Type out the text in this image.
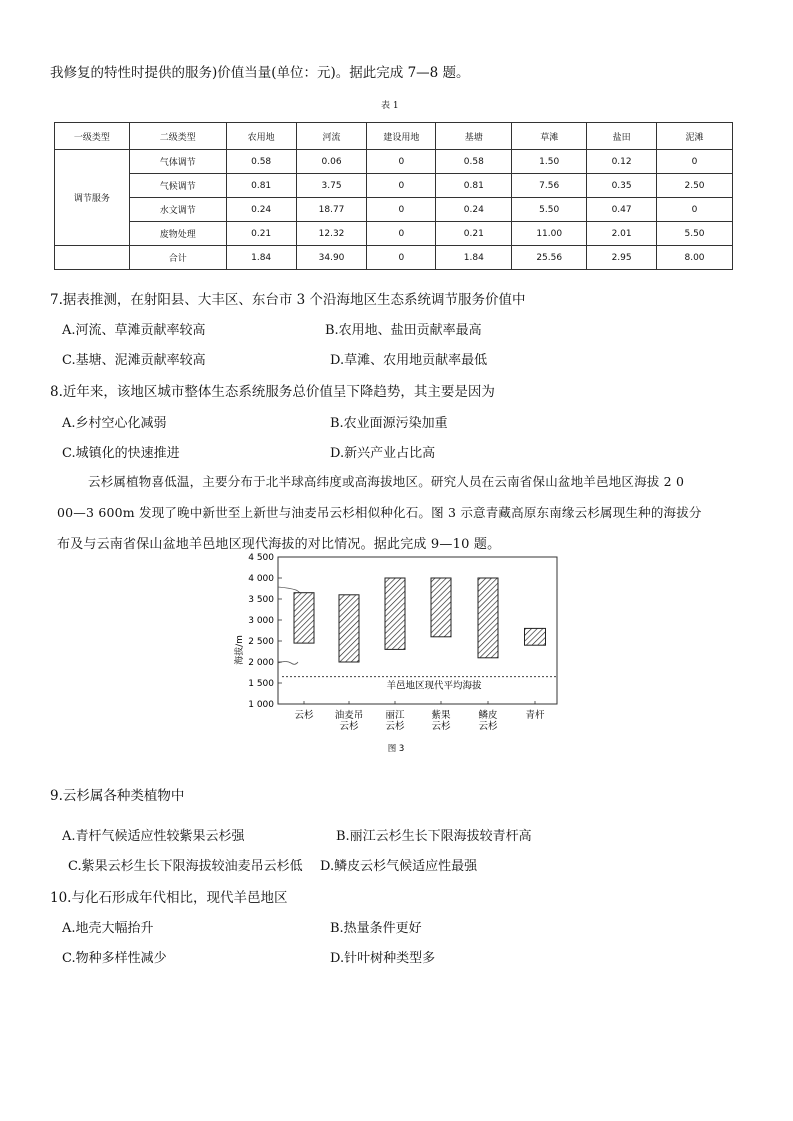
我修复的特性时提供的服务)价值当量(单位：元)。据此完成 7—8 题。
表 1
一级类型	二级类型	农用地	河流	建设用地	基塘	草滩	盐田	泥滩
调节服务	气体调节	0.58	0.06	0	0.58	1.50	0.12	0
	气候调节	0.81	3.75	0	0.81	7.56	0.35	2.50
	水文调节	0.24	18.77	0	0.24	5.50	0.47	0
	废物处理	0.21	12.32	0	0.21	11.00	2.01	5.50
	合计	1.84	34.90	0	1.84	25.56	2.95	8.00
7.据表推测，在射阳县、大丰区、东台市 3 个沿海地区生态系统调节服务价值中
A.河流、草滩贡献率较高	B.农用地、盐田贡献率最高
C.基塘、泥滩贡献率较高	D.草滩、农用地贡献率最低
8.近年来，该地区城市整体生态系统服务总价值呈下降趋势，其主要是因为
A.乡村空心化减弱	B.农业面源污染加重
C.城镇化的快速推进	D.新兴产业占比高
云杉属植物喜低温，主要分布于北半球高纬度或高海拔地区。研究人员在云南省保山盆地羊邑地区海拔 2 0
00—3 600m 发现了晚中新世至上新世与油麦吊云杉相似种化石。图 3 示意青藏高原东南缘云杉属现生种的海拔分
布及与云南省保山盆地羊邑地区现代海拔的对比情况。据此完成 9—10 题。
海拔/m
1 000
1 500
2 000
2 500
3 000
3 500
4 000
4 500
云杉 油麦吊
云杉
丽江
云杉
紫果
云杉
鳞皮
云杉
青杆
羊邑地区现代平均海拔
图 3
9.云杉属各种类植物中
A.青杆气候适应性较紫果云杉强	B.丽江云杉生长下限海拔较青杆高
C.紫果云杉生长下限海拔较油麦吊云杉低 D.鳞皮云杉气候适应性最强
10.与化石形成年代相比，现代羊邑地区
A.地壳大幅抬升	B.热量条件更好
C.物种多样性减少	D.针叶树种类型多
